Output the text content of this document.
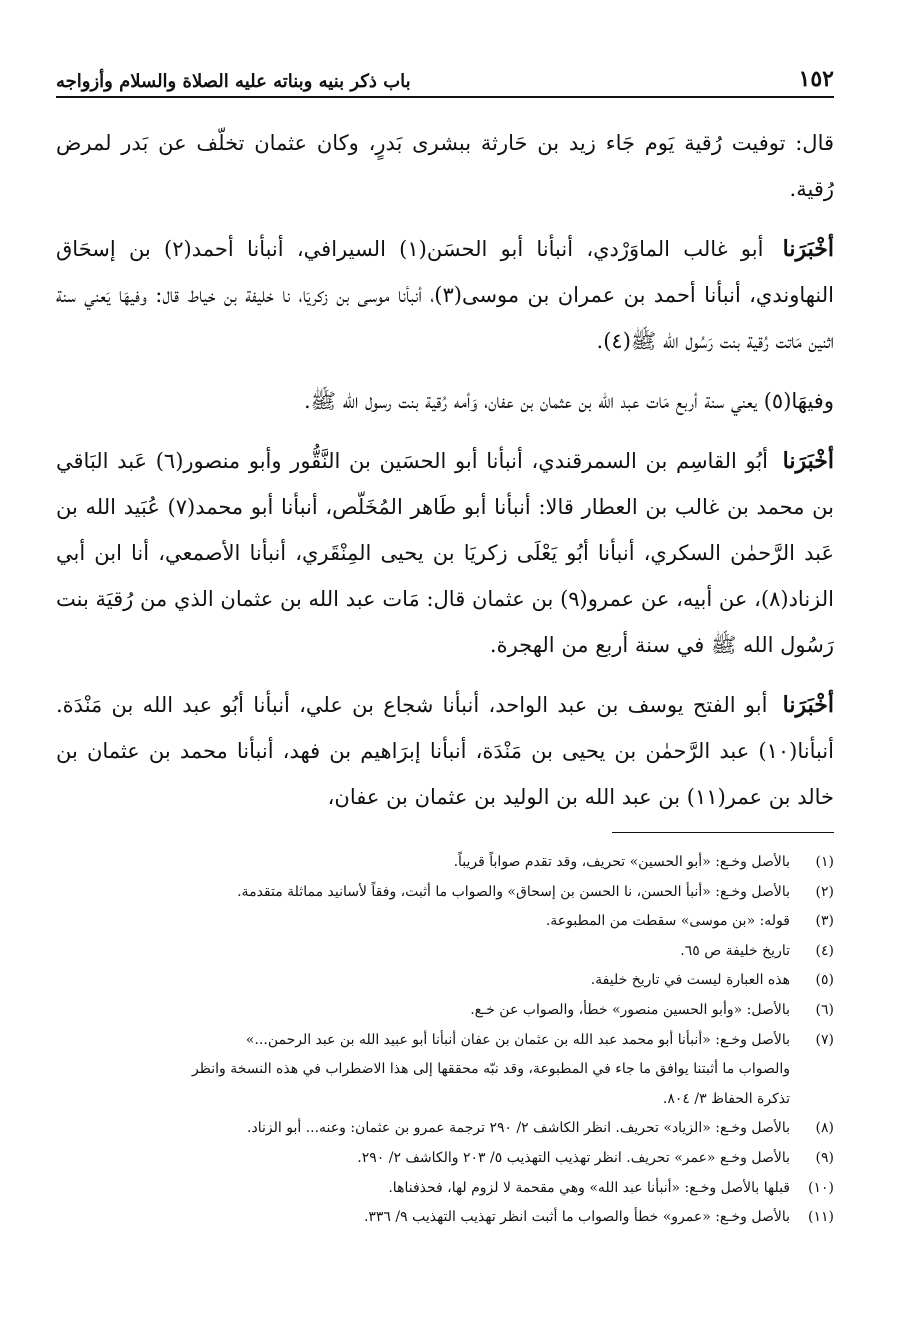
١٥٢
باب ذكر بنيه وبناته عليه الصلاة والسلام وأزواجه

قال: توفيت رُقية يَوم جَاء زيد بن حَارثة ببشرى بَدرٍ، وكان عثمان تخلّف عن بَدر لمرض رُقية.

أخْبَرَنا أبو غالب الماوَرْدي، أنبأنا أبو الحسَن(١) السيرافي، أنبأنا أحمد(٢) بن إسحَاق النهاوندي، أنبأنا أحمد بن عمران بن موسى(٣)، أنبأنا موسى بن زكريَا، نا خليفة بن خياط قال: وفيهَا يَعني سنة اثنين مَاتت رُقية بنت رَسُول الله ﷺ(٤).

وفيهَا(٥) يعني سنة أربع مَات عبد الله بن عثمان بن عفان، وَأمه رُقية بنت رسول الله ﷺ.

أخْبَرَنا أبُو القاسِم بن السمرقندي، أنبأنا أبو الحسَين بن النَّقُّور وأبو منصور(٦) عَبد البَاقي بن محمد بن غالب بن العطار قالا: أنبأنا أبو طَاهر المُخَلّص، أنبأنا أبو محمد(٧) عُبَيد الله بن عَبد الرَّحمٰن السكري، أنبأنا أبُو يَعْلَى زكريَا بن يحيى المِنْقَري، أنبأنا الأصمعي، أنا ابن أبي الزناد(٨)، عن أبيه، عن عمرو(٩) بن عثمان قال: مَات عبد الله بن عثمان الذي من رُقيَة بنت رَسُول الله ﷺ في سنة أربع من الهجرة.

أخْبَرَنا أبو الفتح يوسف بن عبد الواحد، أنبأنا شجاع بن علي، أنبأنا أبُو عبد الله بن مَنْدَة. أنبأنا(١٠) عبد الرَّحمٰن بن يحيى بن مَنْدَة، أنبأنا إبرَاهيم بن فهد، أنبأنا محمد بن عثمان بن خالد بن عمر(١١) بن عبد الله بن الوليد بن عثمان بن عفان،

(١)
بالأصل وخـع: «أبو الحسين» تحريف، وقد تقدم صواباً قريباً.
(٢)
بالأصل وخـع: «أنبأ الحسن، نا الحسن بن إسحاق» والصواب ما أثبت، وفقاً لأسانيد مماثلة متقدمة.
(٣)
قوله: «بن موسى» سقطت من المطبوعة.
(٤)
تاريخ خليفة ص ٦٥.
(٥)
هذه العبارة ليست في تاريخ خليفة.
(٦)
بالأصل: «وأبو الحسين منصور» خطأ، والصواب عن خـع.
(٧)
بالأصل وخـع: «أنبأنا أبو محمد عبد الله بن عثمان بن عفان أنبأنا أبو عبيد الله بن عبد الرحمن...»
والصواب ما أثبتنا يوافق ما جاء في المطبوعة، وقد نبّه محققها إلى هذا الاضطراب في هذه النسخة وانظر
تذكرة الحفاظ ٣/ ٨٠٤.
(٨)
بالأصل وخـع: «الزياد» تحريف. انظر الكاشف ٢/ ٢٩٠ ترجمة عمرو بن عثمان: وعنه... أبو الزناد.
(٩)
بالأصل وخـع «عمر» تحريف. انظر تهذيب التهذيب ٥/ ٢٠٣ والكاشف ٢/ ٢٩٠.
(١٠)
قبلها بالأصل وخـع: «أنبأنا عبد الله» وهي مقحمة لا لزوم لها، فحذفناها.
(١١)
بالأصل وخـع: «عمرو» خطأ والصواب ما أثبت انظر تهذيب التهذيب ٩/ ٣٣٦.
